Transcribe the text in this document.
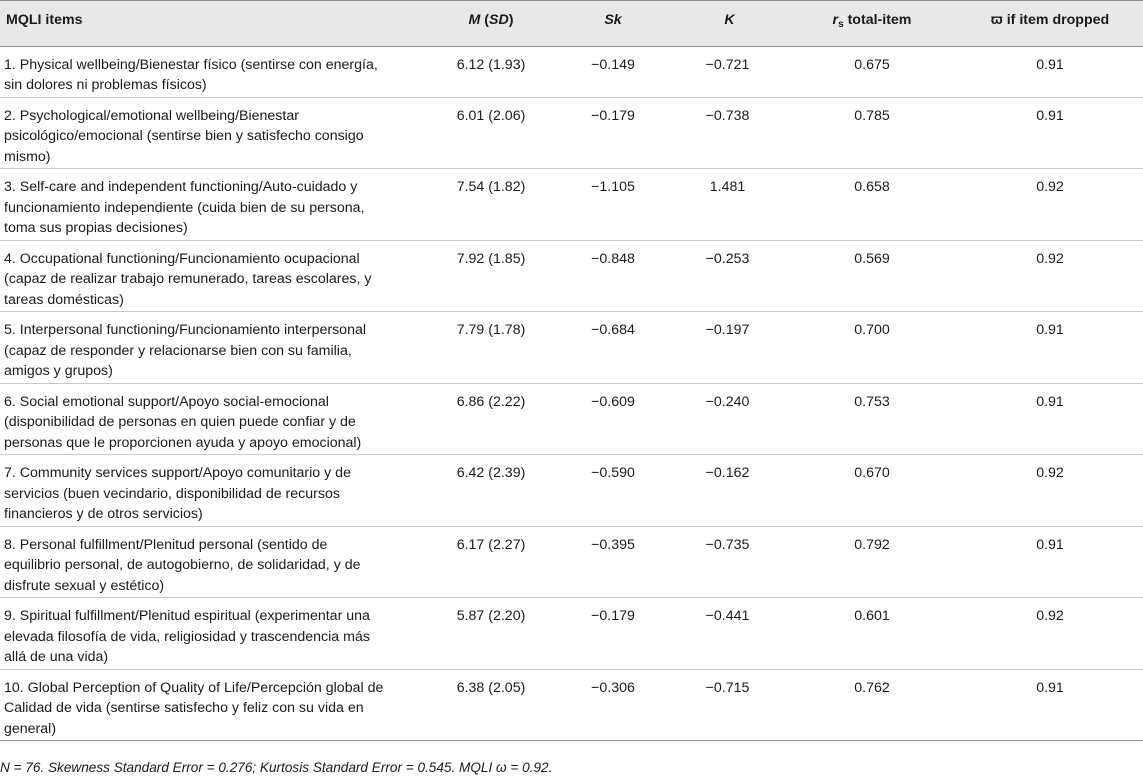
MQLI items	M (SD)	Sk	K	$r_s$ total-item	ϖ if item dropped
1. Physical wellbeing/Bienestar físico (sentirse con energía, sin dolores ni problemas físicos)	6.12 (1.93)	−0.149	−0.721	0.675	0.91
2. Psychological/emotional wellbeing/Bienestar psicológico/emocional (sentirse bien y satisfecho consigo mismo)	6.01 (2.06)	−0.179	−0.738	0.785	0.91
3. Self-care and independent functioning/Auto-cuidado y funcionamiento independiente (cuida bien de su persona, toma sus propias decisiones)	7.54 (1.82)	−1.105	1.481	0.658	0.92
4. Occupational functioning/Funcionamiento ocupacional (capaz de realizar trabajo remunerado, tareas escolares, y tareas domésticas)	7.92 (1.85)	−0.848	−0.253	0.569	0.92
5. Interpersonal functioning/Funcionamiento interpersonal (capaz de responder y relacionarse bien con su familia, amigos y grupos)	7.79 (1.78)	−0.684	−0.197	0.700	0.91
6. Social emotional support/Apoyo social-emocional (disponibilidad de personas en quien puede confiar y de personas que le proporcionen ayuda y apoyo emocional)	6.86 (2.22)	−0.609	−0.240	0.753	0.91
7. Community services support/Apoyo comunitario y de servicios (buen vecindario, disponibilidad de recursos financieros y de otros servicios)	6.42 (2.39)	−0.590	−0.162	0.670	0.92
8. Personal fulfillment/Plenitud personal (sentido de equilibrio personal, de autogobierno, de solidaridad, y de disfrute sexual y estético)	6.17 (2.27)	−0.395	−0.735	0.792	0.91
9. Spiritual fulfillment/Plenitud espiritual (experimentar una elevada filosofía de vida, religiosidad y trascendencia más allá de una vida)	5.87 (2.20)	−0.179	−0.441	0.601	0.92
10. Global Perception of Quality of Life/Percepción global de Calidad de vida (sentirse satisfecho y feliz con su vida en general)	6.38 (2.05)	−0.306	−0.715	0.762	0.91
N = 76. Skewness Standard Error = 0.276; Kurtosis Standard Error = 0.545. MQLI ω = 0.92.
